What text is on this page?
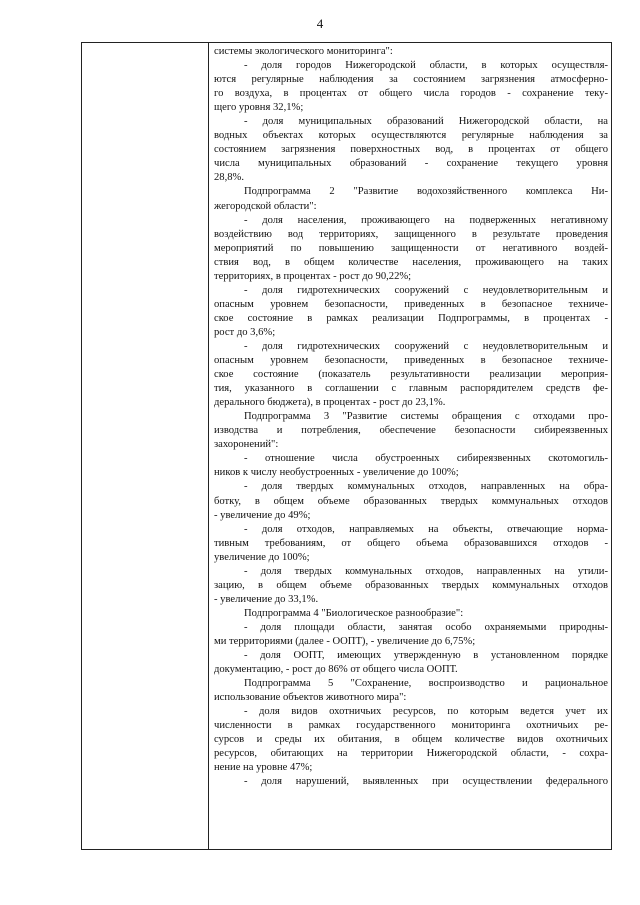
4
системы экологического мониторинга":
- доля городов Нижегородской области, в которых осуществля-
ются регулярные наблюдения за состоянием загрязнения атмосферно-
го воздуха, в процентах от общего числа городов - сохранение теку-
щего уровня 32,1%;
- доля муниципальных образований Нижегородской области, на
водных объектах которых осуществляются регулярные наблюдения за
состоянием загрязнения поверхностных вод, в процентах от общего
числа муниципальных образований - сохранение текущего уровня
28,8%.
Подпрограмма 2 "Развитие водохозяйственного комплекса Ни-
жегородской области":
- доля населения, проживающего на подверженных негативному
воздействию вод территориях, защищенного в результате проведения
мероприятий по повышению защищенности от негативного воздей-
ствия вод, в общем количестве населения, проживающего на таких
территориях, в процентах - рост до 90,22%;
- доля гидротехнических сооружений с неудовлетворительным и
опасным уровнем безопасности, приведенных в безопасное техниче-
ское состояние в рамках реализации Подпрограммы, в процентах -
рост до 3,6%;
- доля гидротехнических сооружений с неудовлетворительным и
опасным уровнем безопасности, приведенных в безопасное техниче-
ское состояние (показатель результативности реализации мероприя-
тия, указанного в соглашении с главным распорядителем средств фе-
дерального бюджета), в процентах - рост до 23,1%.
Подпрограмма 3 "Развитие системы обращения с отходами про-
изводства и потребления, обеспечение безопасности сибиреязвенных
захоронений":
- отношение числа обустроенных сибиреязвенных скотомогиль-
ников к числу необустроенных - увеличение до 100%;
- доля твердых коммунальных отходов, направленных на обра-
ботку, в общем объеме образованных твердых коммунальных отходов
- увеличение до 49%;
- доля отходов, направляемых на объекты, отвечающие норма-
тивным требованиям, от общего объема образовавшихся отходов -
увеличение до 100%;
- доля твердых коммунальных отходов, направленных на утили-
зацию, в общем объеме образованных твердых коммунальных отходов
- увеличение до 33,1%.
Подпрограмма 4 "Биологическое разнообразие":
- доля площади области, занятая особо охраняемыми природны-
ми территориями (далее - ООПТ), - увеличение до 6,75%;
- доля ООПТ, имеющих утвержденную в установленном порядке
документацию, - рост до 86% от общего числа ООПТ.
Подпрограмма 5 "Сохранение, воспроизводство и рациональное
использование объектов животного мира":
- доля видов охотничьих ресурсов, по которым ведется учет их
численности в рамках государственного мониторинга охотничьих ре-
сурсов и среды их обитания, в общем количестве видов охотничьих
ресурсов, обитающих на территории Нижегородской области, - сохра-
нение на уровне 47%;
- доля нарушений, выявленных при осуществлении федерального
